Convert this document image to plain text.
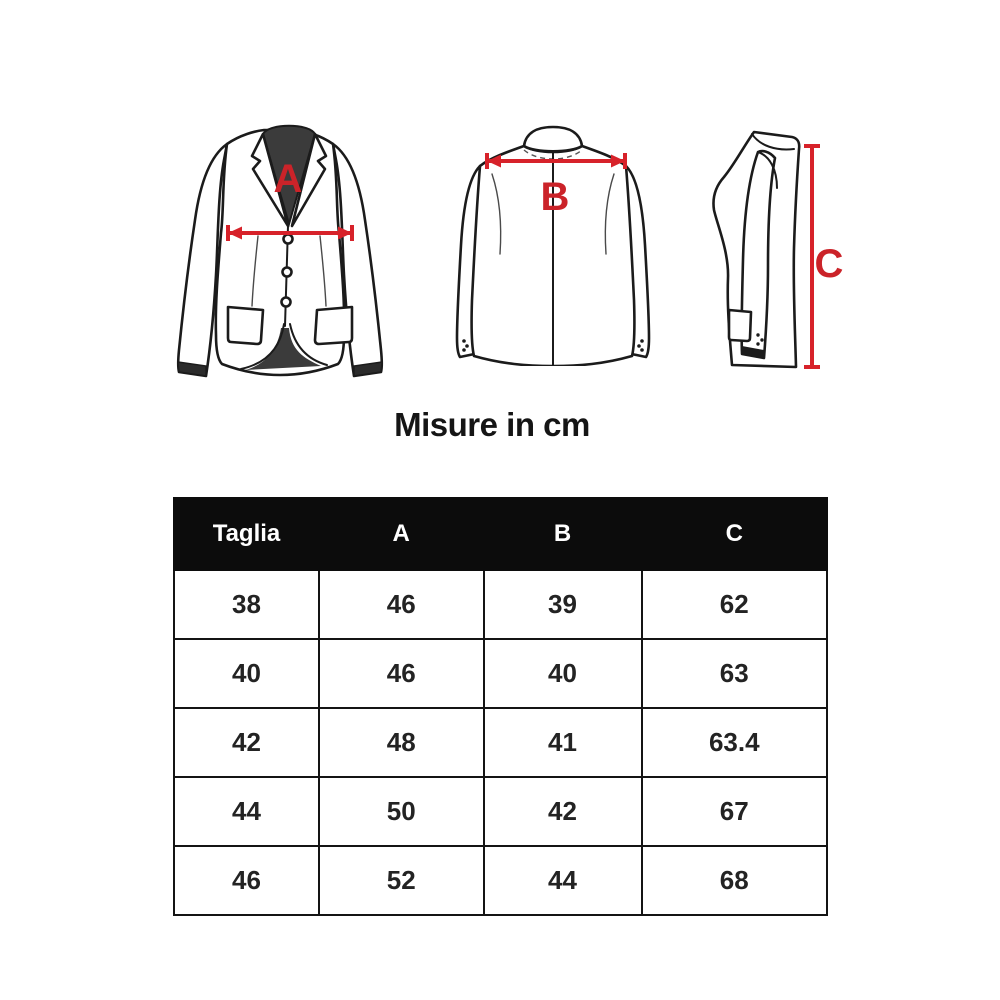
A	B
C
Misure in cm
Taglia	A	B	C
38	46	39	62
40	46	40	63
42	48	41	63.4
44	50	42	67
46	52	44	68
